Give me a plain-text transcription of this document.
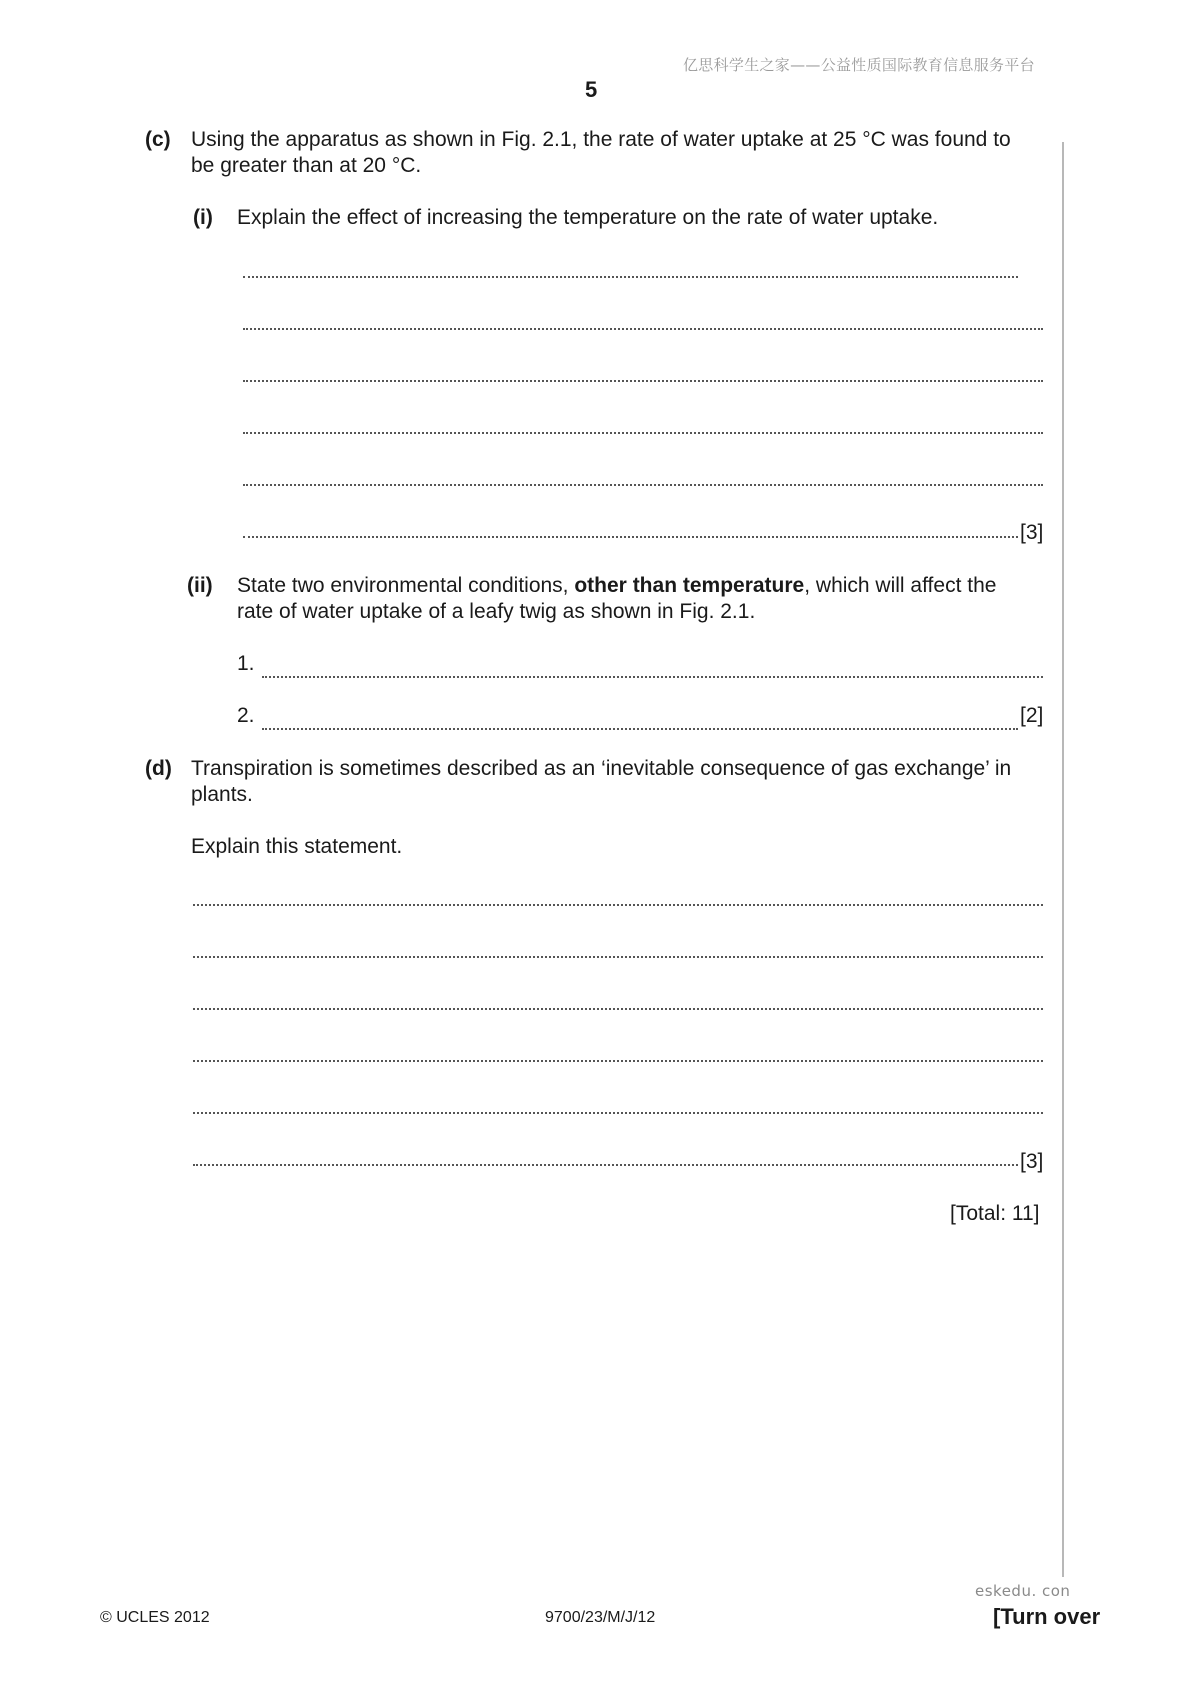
亿思科学生之家——公益性质国际教育信息服务平台
5
(c) Using the apparatus as shown in Fig. 2.1, the rate of water uptake at 25 °C was found to
be greater than at 20 °C.
(i) Explain the effect of increasing the temperature on the rate of water uptake.
[3]
(ii) State two environmental conditions, other than temperature, which will affect the
rate of water uptake of a leafy twig as shown in Fig. 2.1.
1.
2.	[2]
(d) Transpiration is sometimes described as an ‘inevitable consequence of gas exchange’ in
plants.
Explain this statement.
[3]
[Total: 11]
eskedu. con
© UCLES 2012	9700/23/M/J/12	[Turn over
